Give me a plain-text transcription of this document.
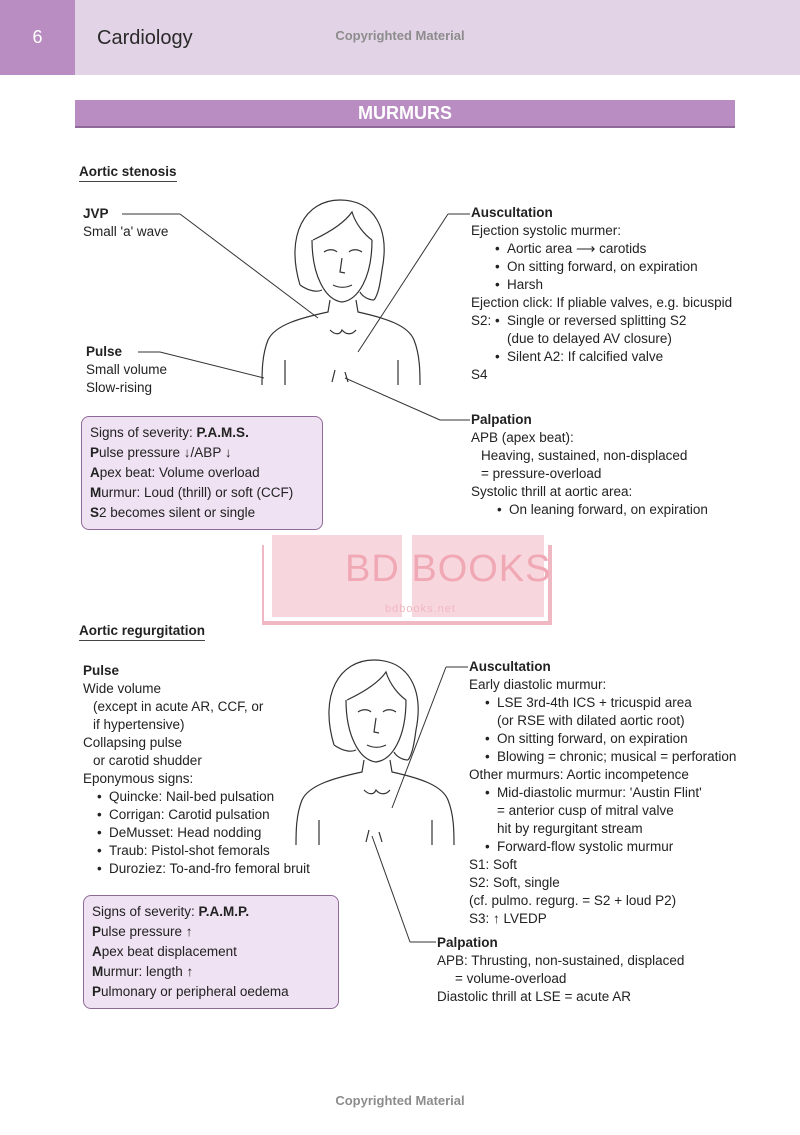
6	Cardiology	Copyrighted Material
MURMURS
BD BOOKS
bdbooks.net
Aortic stenosis
JVP
Small 'a' wave
Pulse
Small volume
Slow-rising
Signs of severity: P.A.M.S.
Pulse pressure ↓/ABP ↓
Apex beat: Volume overload
Murmur: Loud (thrill) or soft (CCF)
S2 becomes silent or single
Auscultation
Ejection systolic murmer:
• Aortic area ⟶ carotids
• On sitting forward, on expiration
• Harsh
Ejection click: If pliable valves, e.g. bicuspid
S2: • Single or reversed splitting S2
(due to delayed AV closure)
• Silent A2: If calcified valve
S4
Palpation
APB (apex beat):
Heaving, sustained, non-displaced
= pressure-overload
Systolic thrill at aortic area:
• On leaning forward, on expiration
Aortic regurgitation
Pulse
Wide volume
(except in acute AR, CCF, or
if hypertensive)
Collapsing pulse
or carotid shudder
Eponymous signs:
• Quincke: Nail-bed pulsation
• Corrigan: Carotid pulsation
• DeMusset: Head nodding
• Traub: Pistol-shot femorals
• Duroziez: To-and-fro femoral bruit
Signs of severity: P.A.M.P.
Pulse pressure ↑
Apex beat displacement
Murmur: length ↑
Pulmonary or peripheral oedema
Auscultation
Early diastolic murmur:
• LSE 3rd-4th ICS + tricuspid area
(or RSE with dilated aortic root)
• On sitting forward, on expiration
• Blowing = chronic; musical = perforation
Other murmurs: Aortic incompetence
• Mid-diastolic murmur: 'Austin Flint'
= anterior cusp of mitral valve
hit by regurgitant stream
• Forward-flow systolic murmur
S1: Soft
S2: Soft, single
(cf. pulmo. regurg. = S2 + loud P2)
S3: ↑ LVEDP
Palpation
APB: Thrusting, non-sustained, displaced
= volume-overload
Diastolic thrill at LSE = acute AR
Copyrighted Material
